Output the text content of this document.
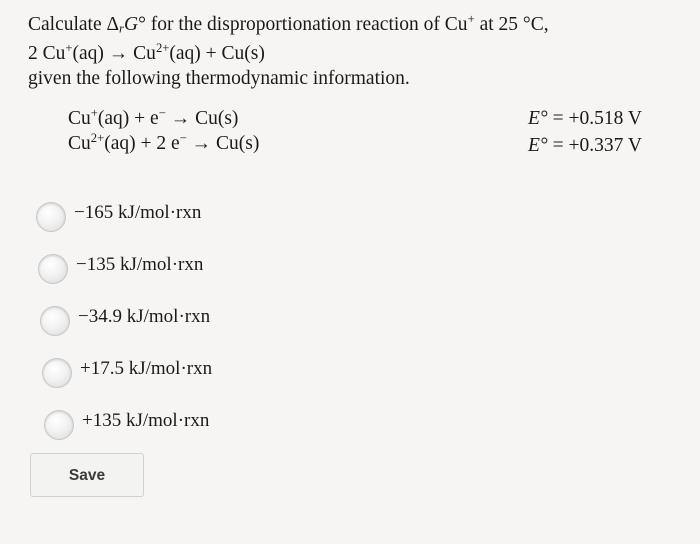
Calculate $\Delta_rG^\circ$ for the disproportionation reaction of Cu+ at 25 °C,
2 $Cu^+(aq) \to Cu^{2+}(aq) + Cu(s)$
given the following thermodynamic information.
Cu+(aq) + e− → Cu(s)	E° = +0.518 V
$Cu^{2+}(aq) + 2$ e− → Cu(s)	E° = +0.337 V
−165 kJ/mol·rxn
−135 kJ/mol·rxn
−34.9 kJ/mol·rxn
+17.5 kJ/mol·rxn
+135 kJ/mol·rxn
Save
